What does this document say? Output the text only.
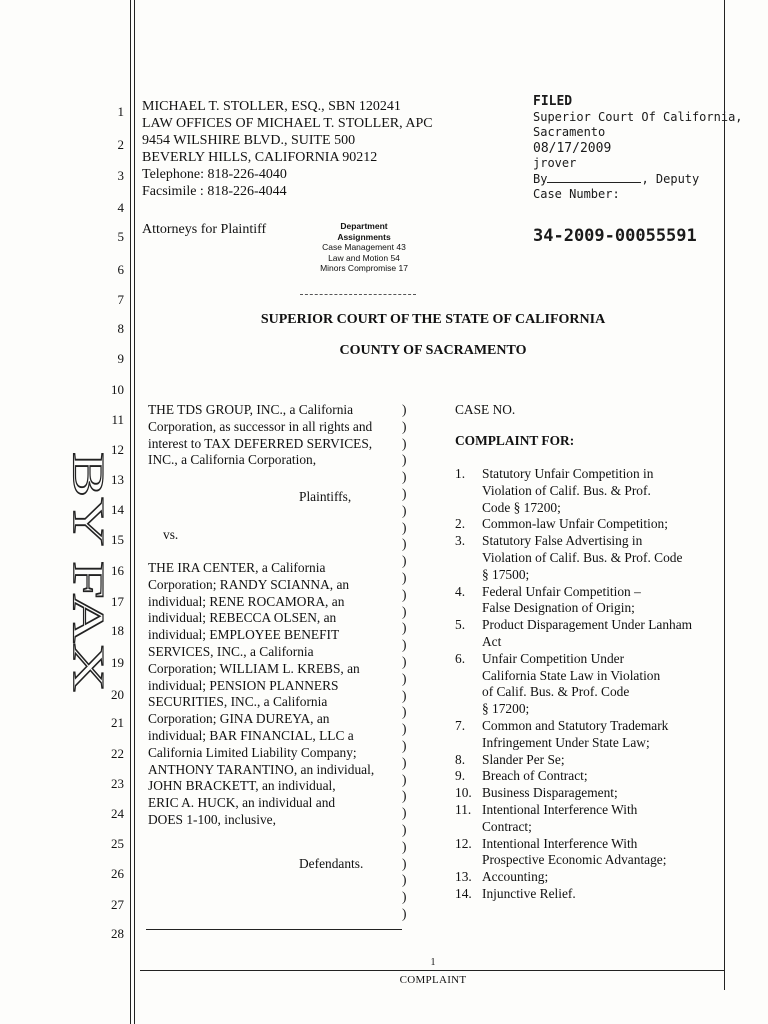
1
2
3
4
5
6
7
8
9
10
11
12
13
14
15
16
17
18
19
20
21
22
23
24
25
26
27
28
MICHAEL T. STOLLER, ESQ., SBN 120241
LAW OFFICES OF MICHAEL T. STOLLER, APC
9454 WILSHIRE BLVD., SUITE 500
BEVERLY HILLS, CALIFORNIA 90212
Telephone: 818-226-4040
Facsimile : 818-226-4044
Attorneys for Plaintiff	Department
Assignments
Case Management 43
Law and Motion 54
Minors Compromise 17
FILED
Superior Court Of California,
Sacramento
08/17/2009
jrover
By	, Deputy
Case Number:
34-2009-00055591
SUPERIOR COURT OF THE STATE OF CALIFORNIA
COUNTY OF SACRAMENTO
THE TDS GROUP, INC., a California
Corporation, as successor in all rights and
interest to TAX DEFERRED SERVICES,
INC., a California Corporation,
Plaintiffs,
vs.
THE IRA CENTER, a California
Corporation; RANDY SCIANNA, an
individual; RENE ROCAMORA, an
individual; REBECCA OLSEN, an
individual; EMPLOYEE BENEFIT
SERVICES, INC., a California
Corporation; WILLIAM L. KREBS, an
individual; PENSION PLANNERS
SECURITIES, INC., a California
Corporation; GINA DUREYA, an
individual; BAR FINANCIAL, LLC a
California Limited Liability Company;
ANTHONY TARANTINO, an individual,
JOHN BRACKETT, an individual,
ERIC A. HUCK, an individual and
DOES 1-100, inclusive,
Defendants.
)
)
)
)
)
)
)
)
)
)
)
)
)
)
)
)
)
)
)
)
)
)
)
)
)
)
)
)
)
)
)
CASE NO.
COMPLAINT FOR:
1. Statutory Unfair Competition in
Violation of Calif. Bus. & Prof.
Code § 17200;
2. Common-law Unfair Competition;
3. Statutory False Advertising in
Violation of Calif. Bus. & Prof. Code
§ 17500;
4. Federal Unfair Competition –
False Designation of Origin;
5. Product Disparagement Under Lanham
Act
6. Unfair Competition Under
California State Law in Violation
of Calif. Bus. & Prof. Code
§ 17200;
7. Common and Statutory Trademark
Infringement Under State Law;
8. Slander Per Se;
9. Breach of Contract;
10. Business Disparagement;
11. Intentional Interference With
Contract;
12. Intentional Interference With
Prospective Economic Advantage;
13. Accounting;
14. Injunctive Relief.
1
COMPLAINT
BY FAX
